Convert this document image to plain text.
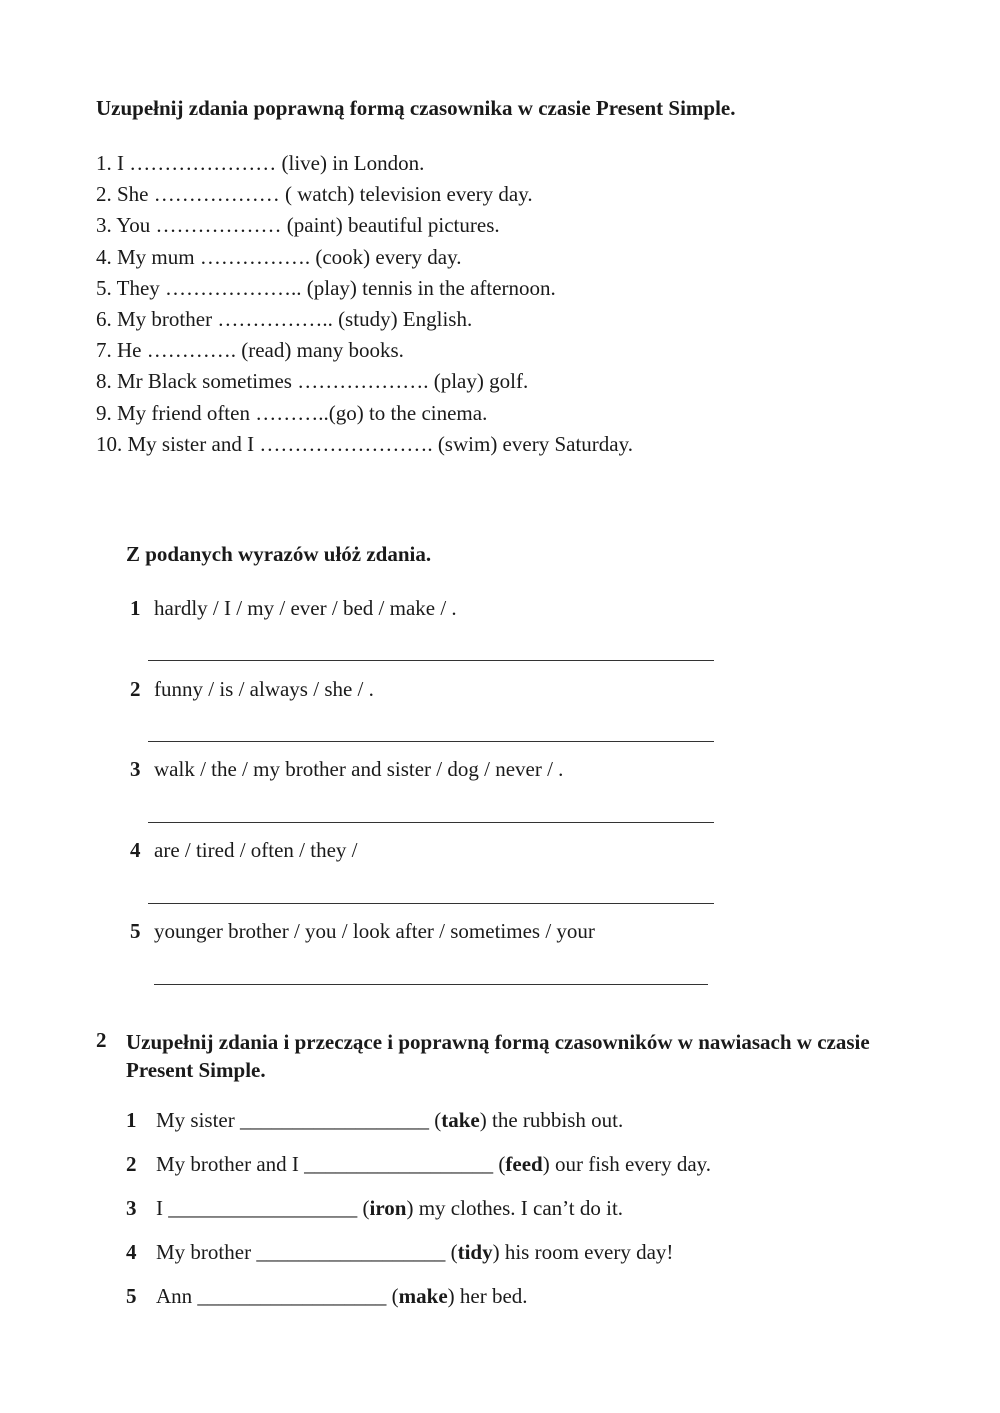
Uzupełnij zdania poprawną formą czasownika w czasie Present Simple.
1. I ………………… (live) in London.
2. She ……………… ( watch) television every day.
3. You ……………… (paint) beautiful pictures.
4. My mum ……………. (cook) every day.
5. They ……………….. (play) tennis in the afternoon.
6. My brother …………….. (study) English.
7. He …………. (read) many books.
8. Mr Black sometimes ………………. (play) golf.
9. My friend often ………..(go) to the cinema.
10. My sister and I ……………………. (swim) every Saturday.
Z podanych wyrazów ułóż zdania.
1 hardly / I / my / ever / bed / make / .
2 funny / is / always / she / .
3 walk / the / my brother and sister / dog / never / .
4 are / tired / often / they /
5 younger brother / you / look after / sometimes / your
2 Uzupełnij zdania i przeczące i poprawną formą czasowników w nawiasach w czasie Present Simple.
1 My sister __________________ (take) the rubbish out.
2 My brother and I __________________ (feed) our fish every day.
3 I __________________ (iron) my clothes. I can’t do it.
4 My brother __________________ (tidy) his room every day!
5 Ann __________________ (make) her bed.
